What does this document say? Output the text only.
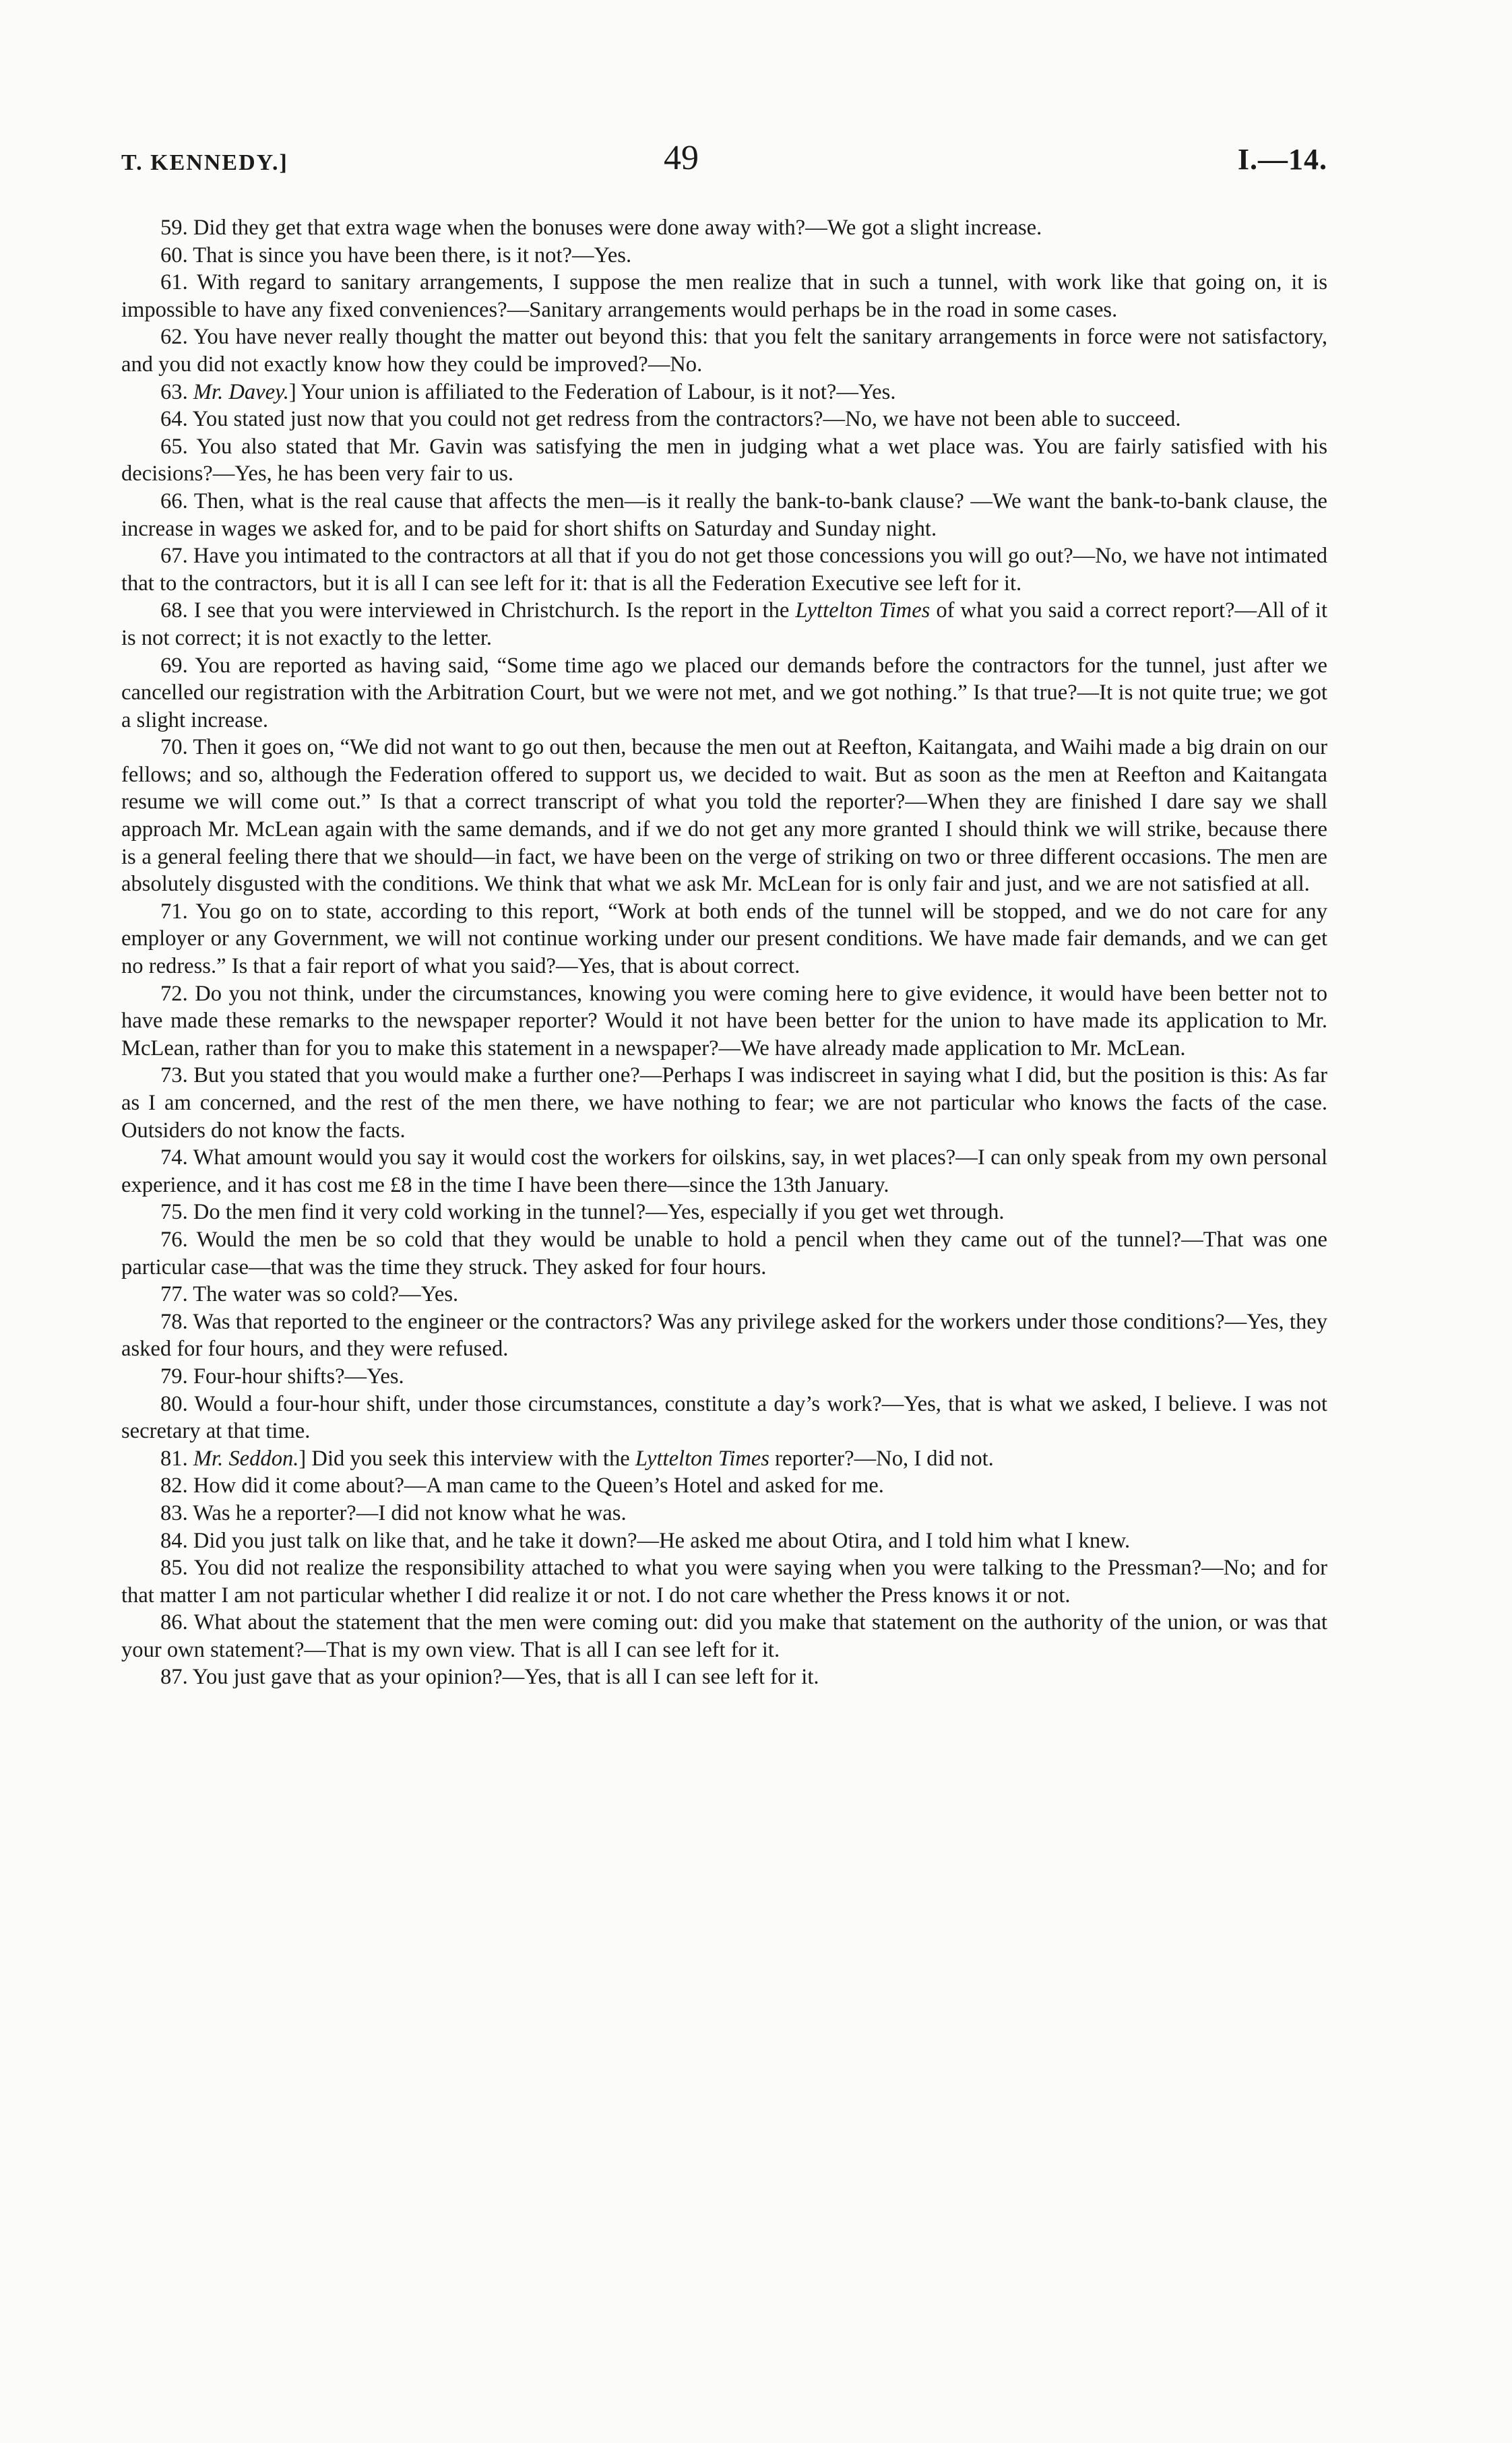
T. KENNEDY.]	49	I.—14.

59. Did they get that extra wage when the bonuses were done away with?—We got a slight increase.

60. That is since you have been there, is it not?—Yes.

61. With regard to sanitary arrangements, I suppose the men realize that in such a tunnel, with work like that going on, it is impossible to have any fixed conveniences?—Sanitary arrangements would perhaps be in the road in some cases.

62. You have never really thought the matter out beyond this: that you felt the sanitary arrangements in force were not satisfactory, and you did not exactly know how they could be improved?—No.

63. Mr. Davey.] Your union is affiliated to the Federation of Labour, is it not?—Yes.

64. You stated just now that you could not get redress from the contractors?—No, we have not been able to succeed.

65. You also stated that Mr. Gavin was satisfying the men in judging what a wet place was. You are fairly satisfied with his decisions?—Yes, he has been very fair to us.

66. Then, what is the real cause that affects the men—is it really the bank-to-bank clause? —We want the bank-to-bank clause, the increase in wages we asked for, and to be paid for short shifts on Saturday and Sunday night.

67. Have you intimated to the contractors at all that if you do not get those concessions you will go out?—No, we have not intimated that to the contractors, but it is all I can see left for it: that is all the Federation Executive see left for it.

68. I see that you were interviewed in Christchurch. Is the report in the Lyttelton Times of what you said a correct report?—All of it is not correct; it is not exactly to the letter.

69. You are reported as having said, “Some time ago we placed our demands before the contractors for the tunnel, just after we cancelled our registration with the Arbitration Court, but we were not met, and we got nothing.” Is that true?—It is not quite true; we got a slight increase.

70. Then it goes on, “We did not want to go out then, because the men out at Reefton, Kaitangata, and Waihi made a big drain on our fellows; and so, although the Federation offered to support us, we decided to wait. But as soon as the men at Reefton and Kaitangata resume we will come out.” Is that a correct transcript of what you told the reporter?—When they are finished I dare say we shall approach Mr. McLean again with the same demands, and if we do not get any more granted I should think we will strike, because there is a general feeling there that we should—in fact, we have been on the verge of striking on two or three different occasions. The men are absolutely disgusted with the conditions. We think that what we ask Mr. McLean for is only fair and just, and we are not satisfied at all.

71. You go on to state, according to this report, “Work at both ends of the tunnel will be stopped, and we do not care for any employer or any Government, we will not continue working under our present conditions. We have made fair demands, and we can get no redress.” Is that a fair report of what you said?—Yes, that is about correct.

72. Do you not think, under the circumstances, knowing you were coming here to give evidence, it would have been better not to have made these remarks to the newspaper reporter? Would it not have been better for the union to have made its application to Mr. McLean, rather than for you to make this statement in a newspaper?—We have already made application to Mr. McLean.

73. But you stated that you would make a further one?—Perhaps I was indiscreet in saying what I did, but the position is this: As far as I am concerned, and the rest of the men there, we have nothing to fear; we are not particular who knows the facts of the case. Outsiders do not know the facts.

74. What amount would you say it would cost the workers for oilskins, say, in wet places?—I can only speak from my own personal experience, and it has cost me £8 in the time I have been there—since the 13th January.

75. Do the men find it very cold working in the tunnel?—Yes, especially if you get wet through.

76. Would the men be so cold that they would be unable to hold a pencil when they came out of the tunnel?—That was one particular case—that was the time they struck. They asked for four hours.

77. The water was so cold?—Yes.

78. Was that reported to the engineer or the contractors? Was any privilege asked for the workers under those conditions?—Yes, they asked for four hours, and they were refused.

79. Four-hour shifts?—Yes.

80. Would a four-hour shift, under those circumstances, constitute a day’s work?—Yes, that is what we asked, I believe. I was not secretary at that time.

81. Mr. Seddon.] Did you seek this interview with the Lyttelton Times reporter?—No, I did not.

82. How did it come about?—A man came to the Queen’s Hotel and asked for me.

83. Was he a reporter?—I did not know what he was.

84. Did you just talk on like that, and he take it down?—He asked me about Otira, and I told him what I knew.

85. You did not realize the responsibility attached to what you were saying when you were talking to the Pressman?—No; and for that matter I am not particular whether I did realize it or not. I do not care whether the Press knows it or not.

86. What about the statement that the men were coming out: did you make that statement on the authority of the union, or was that your own statement?—That is my own view. That is all I can see left for it.

87. You just gave that as your opinion?—Yes, that is all I can see left for it.
